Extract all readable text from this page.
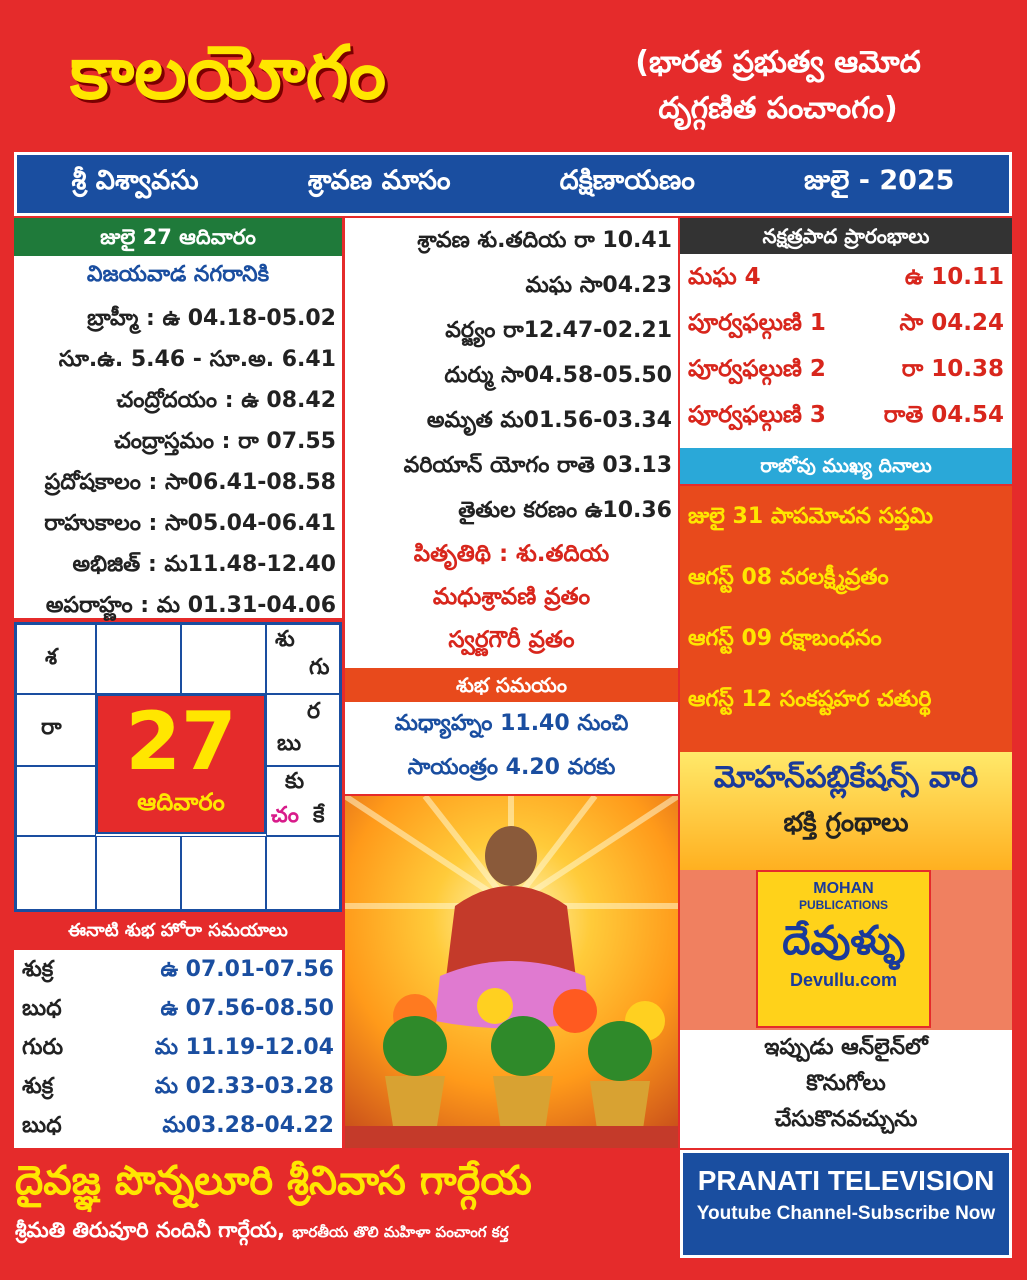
కాలయోగం	(భారత ప్రభుత్వ ఆమోద
దృగ్గణిత పంచాంగం)
శ్రీ విశ్వావసు	శ్రావణ మాసం	దక్షిణాయణం	జులై - 2025
జులై 27 ఆదివారం
విజయవాడ నగరానికి
బ్రాహ్మీ : ఉ 04.18-05.02
సూ.ఉ. 5.46 - సూ.అ. 6.41
చంద్రోదయం : ఉ 08.42
చంద్రాస్తమం : రా 07.55
ప్రదోషకాలం : సా06.41-08.58
రాహుకాలం : సా05.04-06.41
అభిజిత్ : మ11.48-12.40
అపరాహ్ణం : మ 01.31-04.06
శ్రావణ శు.తదియ రా 10.41
మఘ సా04.23
వర్జ్యం రా12.47-02.21
దుర్ము సా04.58-05.50
అమృత మ01.56-03.34
వరియాన్ యోగం రాతె 03.13
తైతుల కరణం ఉ10.36
పితృతిథి : శు.తదియ
మధుశ్రావణి వ్రతం
స్వర్ణగౌరీ వ్రతం
నక్షత్రపాద ప్రారంభాలు
మఘ 4	ఉ 10.11
పూర్వఫల్గుణి 1	సా 04.24
పూర్వఫల్గుణి 2	రా 10.38
పూర్వఫల్గుణి 3	రాతె 04.54
రాబోవు ముఖ్య దినాలు
జులై 31 పాపమోచన సప్తమి
ఆగస్ట్ 08 వరలక్ష్మీవ్రతం
ఆగస్ట్ 09 రక్షాబంధనం
ఆగస్ట్ 12 సంకష్టహర చతుర్థి
శ
శు
గు
రా
ర
బు
కు
చం కే
27
ఆదివారం
ఈనాటి శుభ హోరా సమయాలు
శుక్ర	ఉ 07.01-07.56
బుధ	ఉ 07.56-08.50
గురు	మ 11.19-12.04
శుక్ర	మ 02.33-03.28
బుధ	మ03.28-04.22
శుభ సమయం
మధ్యాహ్నం 11.40 నుంచి
సాయంత్రం 4.20 వరకు	మోహన్‌పబ్లికేషన్స్ వారి
భక్తి గ్రంథాలు
MOHAN
PUBLICATIONS
దేవుళ్ళు
Devullu.com
ఇప్పుడు ఆన్‌లైన్‌లో
కొనుగోలు
చేసుకొనవచ్చును
దైవజ్ఞ పొన్నలూరి శ్రీనివాస గార్గేయ
శ్రీమతి తిరువూరి నందినీ గార్గేయ, భారతీయ తొలి మహిళా పంచాంగ కర్త
PRANATI TELEVISION
Youtube Channel-Subscribe Now
